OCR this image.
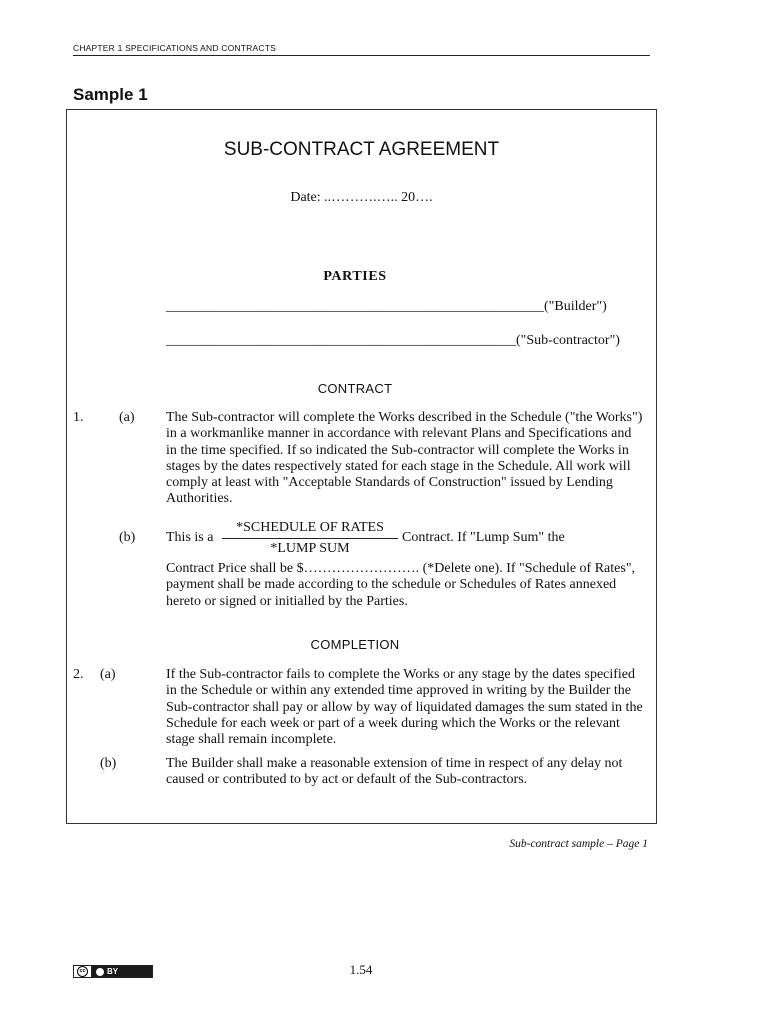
CHAPTER 1 SPECIFICATIONS AND CONTRACTS
Sample 1
SUB-CONTRACT AGREEMENT
Date: ..……….….. 20….
PARTIES
______________________________________________________("Builder")
__________________________________________________("Sub-contractor")
CONTRACT
1.	(a) The Sub-contractor will complete the Works described in the Schedule ("the Works") in a workmanlike manner in accordance with relevant Plans and Specifications and in the time specified. If so indicated the Sub-contractor will complete the Works in stages by the dates respectively stated for each stage in the Schedule. All work will comply at least with "Acceptable Standards of Construction" issued by Lending Authorities.
(b) This is a
*SCHEDULE OF RATES
*LUMP SUM
Contract. If "Lump Sum" the
Contract Price shall be $……………………. (*Delete one). If "Schedule of Rates", payment shall be made according to the schedule or Schedules of Rates annexed hereto or signed or initialled by the Parties.
COMPLETION
2. (a)	If the Sub-contractor fails to complete the Works or any stage by the dates specified in the Schedule or within any extended time approved in writing by the Builder the Sub-contractor shall pay or allow by way of liquidated damages the sum stated in the Schedule for each week or part of a week during which the Works or the relevant stage shall remain incomplete.
(b)	The Builder shall make a reasonable extension of time in respect of any delay not caused or contributed to by act or default of the Sub-contractors.
Sub-contract sample – Page 1
cc	BY	1.54
